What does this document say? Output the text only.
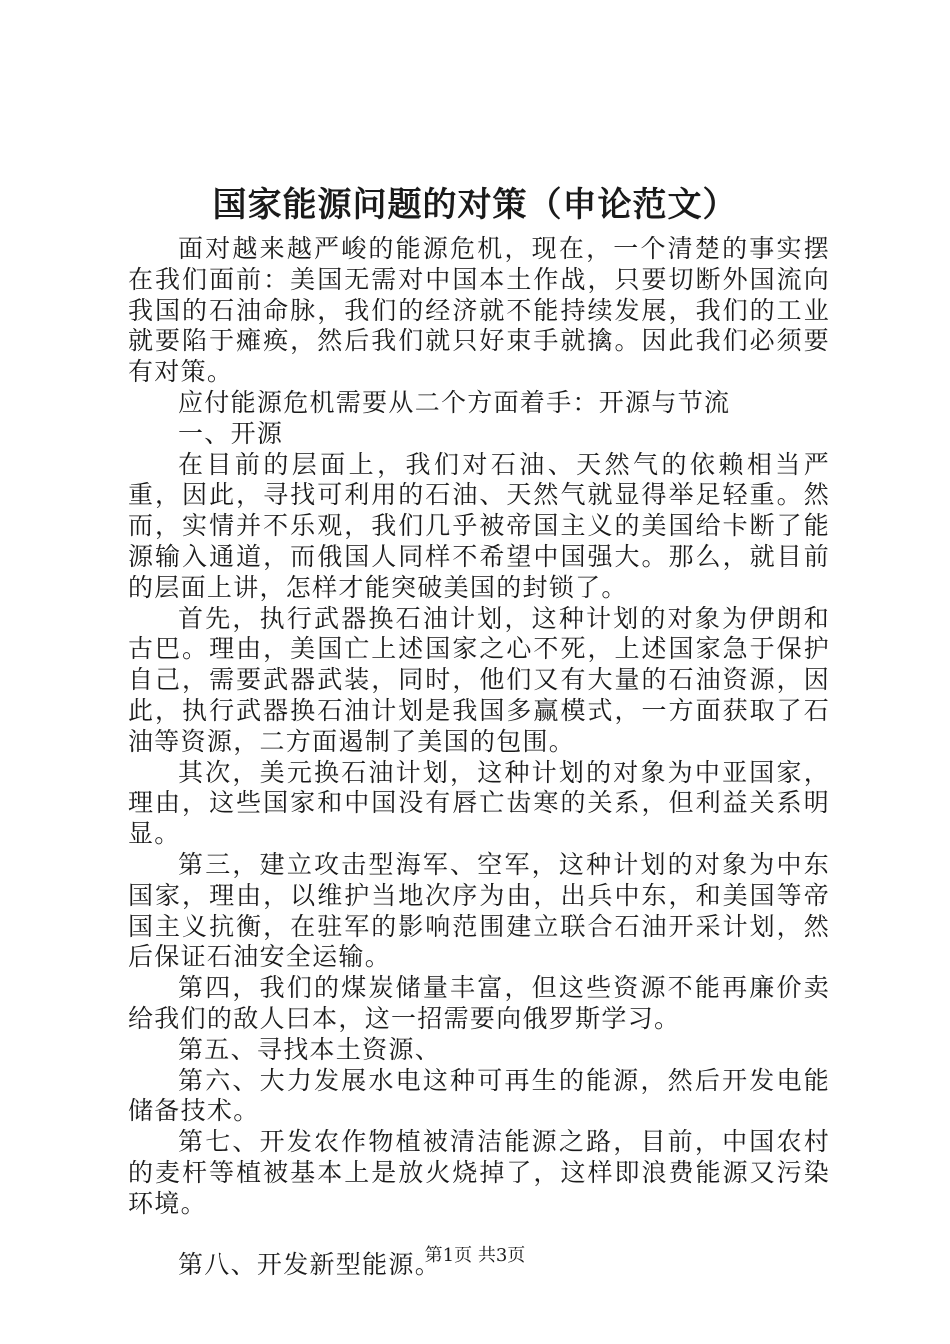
国家能源问题的对策（申论范文）

面对越来越严峻的能源危机，现在，一个清楚的事实摆在我们面前：美国无需对中国本土作战，只要切断外国流向我国的石油命脉，我们的经济就不能持续发展，我们的工业就要陷于瘫痪，然后我们就只好束手就擒。因此我们必须要有对策。

应付能源危机需要从二个方面着手：开源与节流

一、开源

在目前的层面上，我们对石油、天然气的依赖相当严重，因此，寻找可利用的石油、天然气就显得举足轻重。然而，实情并不乐观，我们几乎被帝国主义的美国给卡断了能源输入通道，而俄国人同样不希望中国强大。那么，就目前的层面上讲，怎样才能突破美国的封锁了。

首先，执行武器换石油计划，这种计划的对象为伊朗和古巴。理由，美国亡上述国家之心不死，上述国家急于保护自己，需要武器武装，同时，他们又有大量的石油资源，因此，执行武器换石油计划是我国多赢模式，一方面获取了石油等资源，二方面遏制了美国的包围。

其次，美元换石油计划，这种计划的对象为中亚国家，理由，这些国家和中国没有唇亡齿寒的关系，但利益关系明显。

第三，建立攻击型海军、空军，这种计划的对象为中东国家，理由，以维护当地次序为由，出兵中东，和美国等帝国主义抗衡，在驻军的影响范围建立联合石油开采计划，然后保证石油安全运输。

第四，我们的煤炭储量丰富，但这些资源不能再廉价卖给我们的敌人曰本，这一招需要向俄罗斯学习。

第五、寻找本土资源、

第六、大力发展水电这种可再生的能源，然后开发电能储备技术。

第七、开发农作物植被清洁能源之路，目前，中国农村的麦杆等植被基本上是放火烧掉了，这样即浪费能源又污染环境。

第八、开发新型能源。

第1页 共3页
